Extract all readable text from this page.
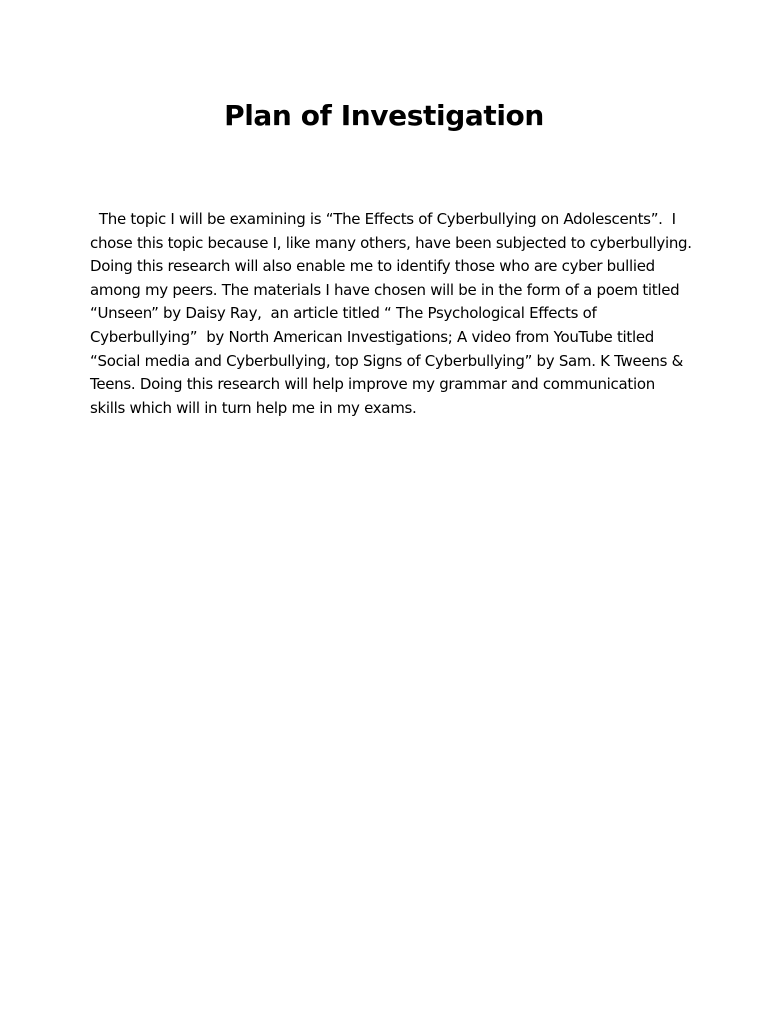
Plan of Investigation
The topic I will be examining is “The Effects of Cyberbullying on Adolescents”.  I
chose this topic because I, like many others, have been subjected to cyberbullying.
Doing this research will also enable me to identify those who are cyber bullied
among my peers. The materials I have chosen will be in the form of a poem titled
“Unseen” by Daisy Ray,  an article titled “ The Psychological Effects of
Cyberbullying”  by North American Investigations; A video from YouTube titled
“Social media and Cyberbullying, top Signs of Cyberbullying” by Sam. K Tweens &
Teens. Doing this research will help improve my grammar and communication
skills which will in turn help me in my exams.
